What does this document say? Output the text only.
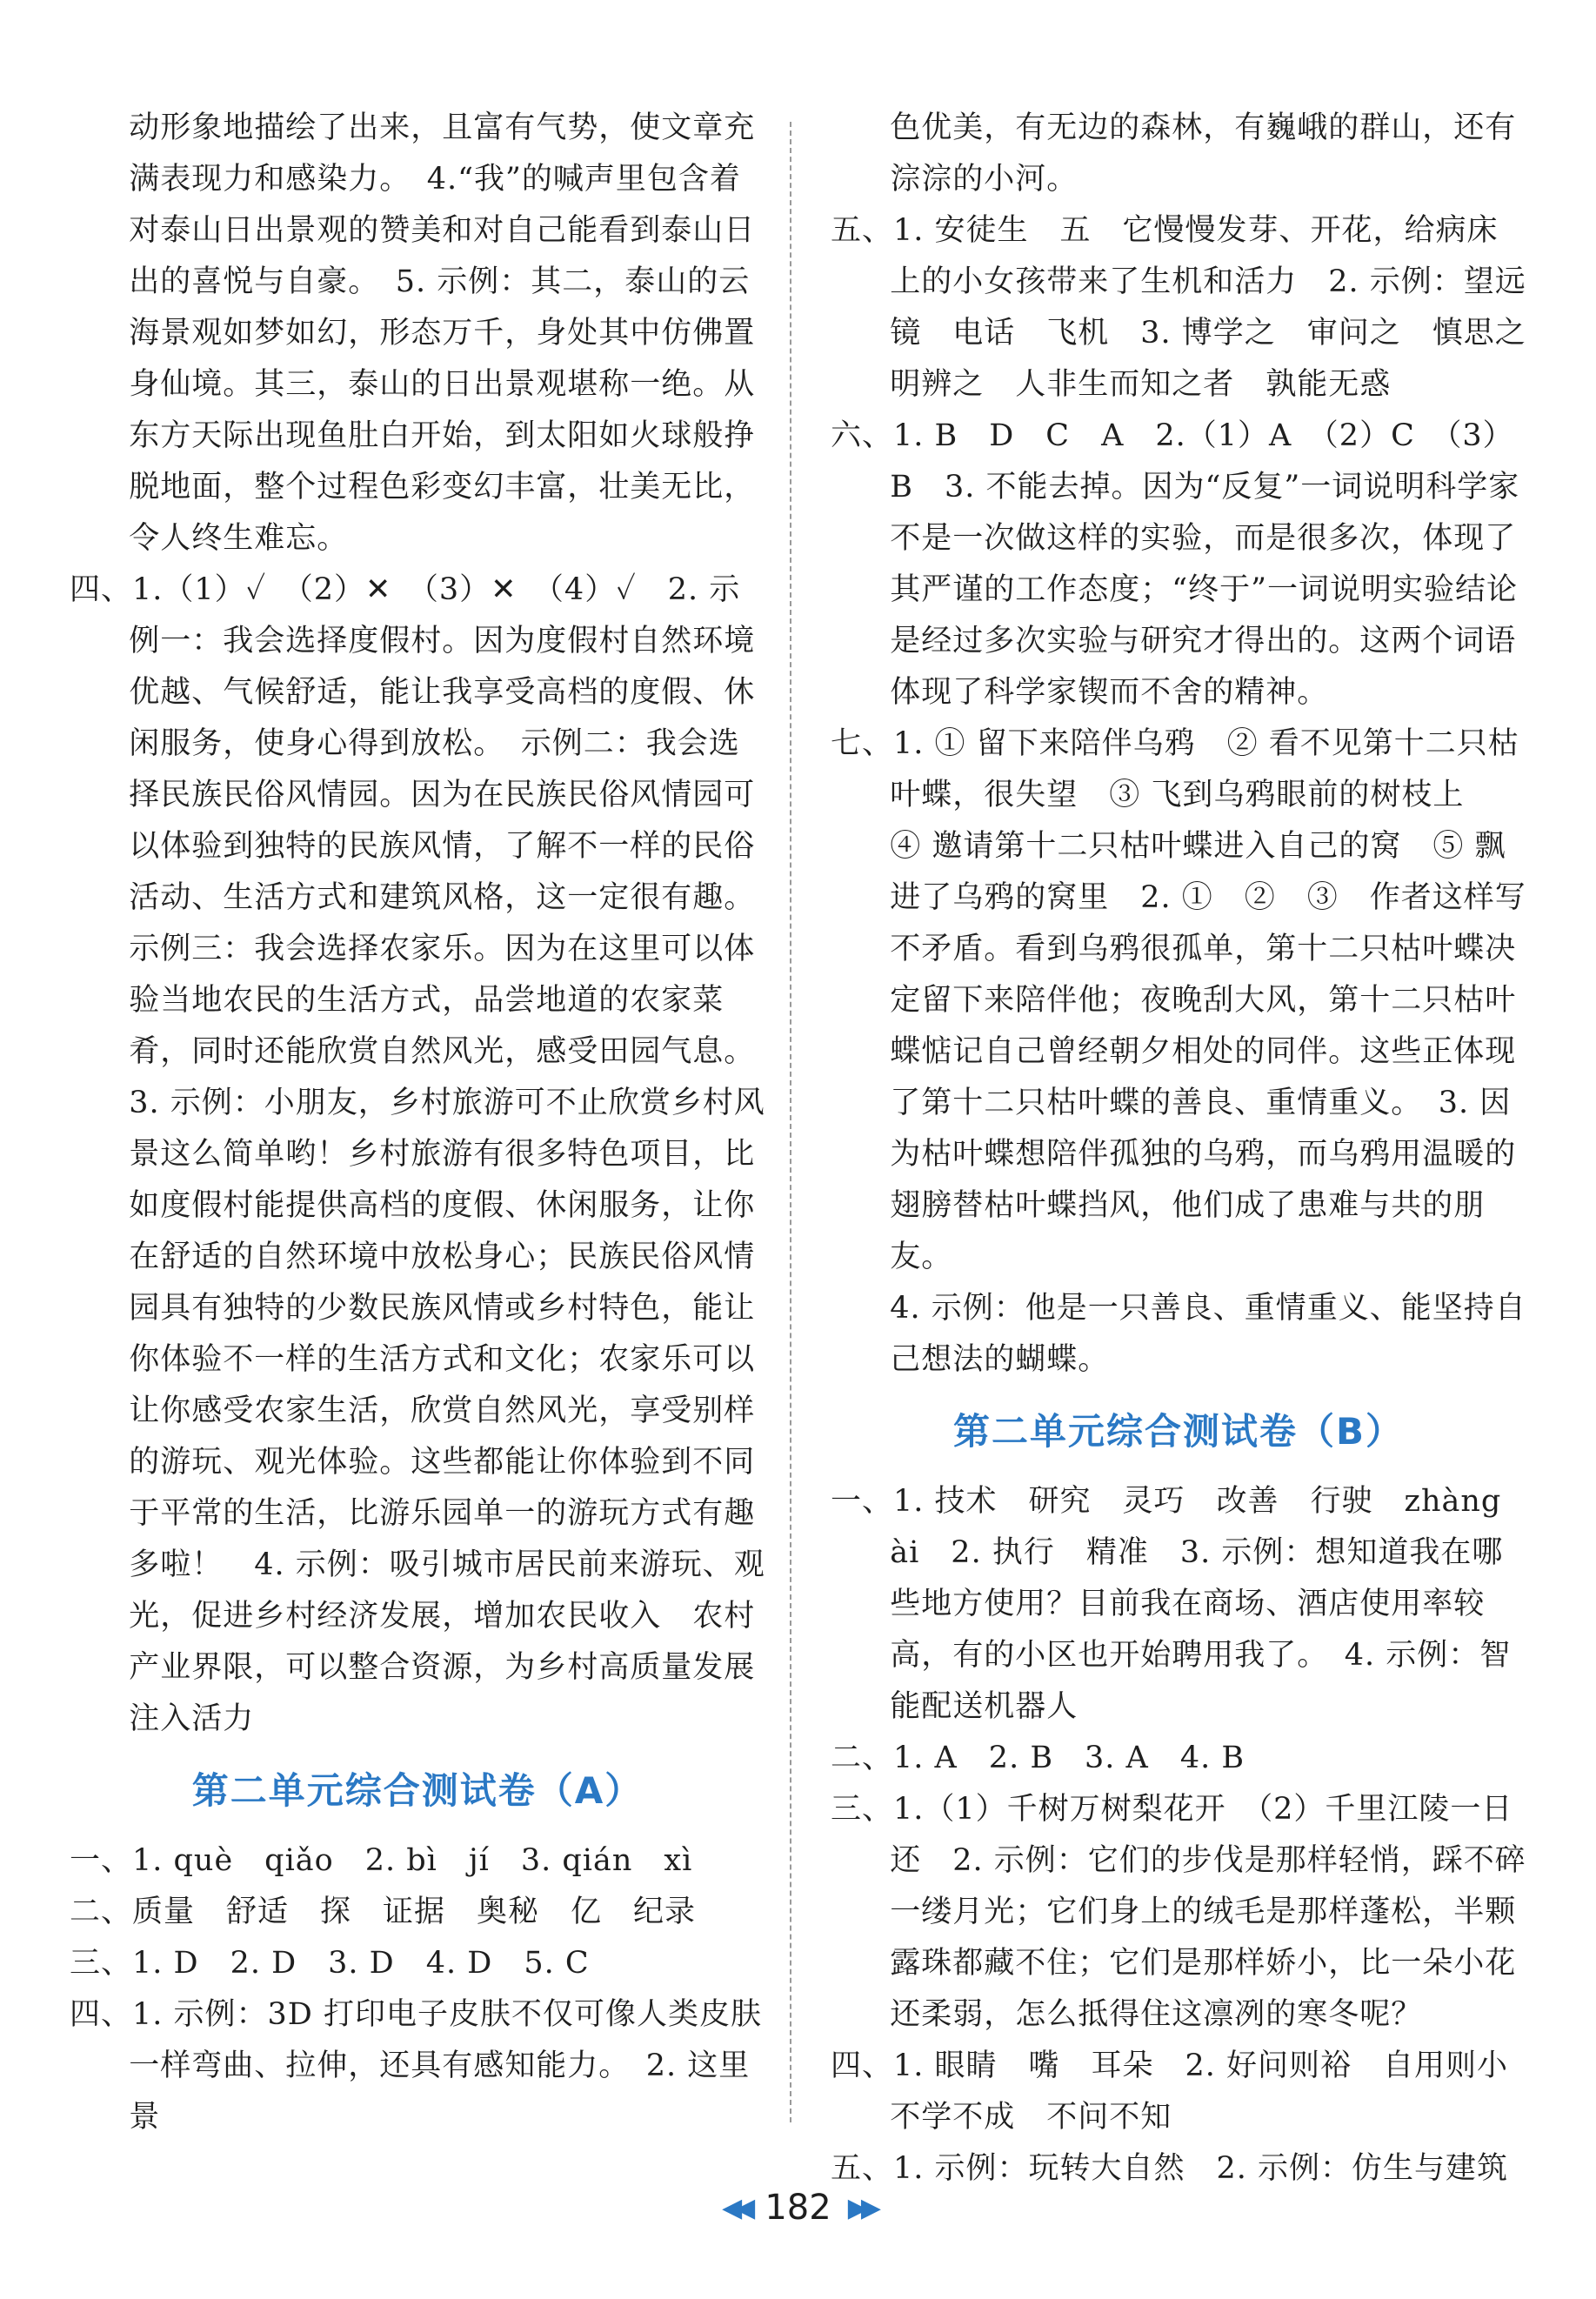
动形象地描绘了出来，且富有气势，使文章充满表现力和感染力。　4.“我”的喊声里包含着对泰山日出景观的赞美和对自己能看到泰山日出的喜悦与自豪。　5. 示例：其二，泰山的云海景观如梦如幻，形态万千，身处其中仿佛置身仙境。其三，泰山的日出景观堪称一绝。从东方天际出现鱼肚白开始，到太阳如火球般挣脱地面，整个过程色彩变幻丰富，壮美无比，令人终生难忘。

四、1.（1）✓　（2）✕　（3）✕　（4）✓　2. 示例一：我会选择度假村。因为度假村自然环境优越、气候舒适，能让我享受高档的度假、休闲服务，使身心得到放松。　示例二：我会选择民族民俗风情园。因为在民族民俗风情园可以体验到独特的民族风情，了解不一样的民俗活动、生活方式和建筑风格，这一定很有趣。

示例三：我会选择农家乐。因为在这里可以体验当地农民的生活方式，品尝地道的农家菜肴，同时还能欣赏自然风光，感受田园气息。

3. 示例：小朋友，乡村旅游可不止欣赏乡村风景这么简单哟！乡村旅游有很多特色项目，比如度假村能提供高档的度假、休闲服务，让你在舒适的自然环境中放松身心；民族民俗风情园具有独特的少数民族风情或乡村特色，能让你体验不一样的生活方式和文化；农家乐可以让你感受农家生活，欣赏自然风光，享受别样的游玩、观光体验。这些都能让你体验到不同于平常的生活，比游乐园单一的游玩方式有趣多啦！　4. 示例：吸引城市居民前来游玩、观光，促进乡村经济发展，增加农民收入　农村产业界限，可以整合资源，为乡村高质量发展注入活力

第二单元综合测试卷（A）

一、1. què　qiǎo　2. bì　jí　3. qián　xì

二、质量　舒适　探　证据　奥秘　亿　纪录

三、1. D　2. D　3. D　4. D　5. C

四、1. 示例：3D 打印电子皮肤不仅可像人类皮肤一样弯曲、拉伸，还具有感知能力。　2. 这里景

色优美，有无边的森林，有巍峨的群山，还有淙淙的小河。

五、1. 安徒生　五　它慢慢发芽、开花，给病床上的小女孩带来了生机和活力　2. 示例：望远镜　电话　飞机　3. 博学之　审问之　慎思之　明辨之　人非生而知之者　孰能无惑

六、1. B　D　C　A　2.（1）A　（2）C　（3）B　3. 不能去掉。因为“反复”一词说明科学家不是一次做这样的实验，而是很多次，体现了其严谨的工作态度；“终于”一词说明实验结论是经过多次实验与研究才得出的。这两个词语体现了科学家锲而不舍的精神。

七、1. ① 留下来陪伴乌鸦　② 看不见第十二只枯叶蝶，很失望　③ 飞到乌鸦眼前的树枝上　④ 邀请第十二只枯叶蝶进入自己的窝　⑤ 飘进了乌鸦的窝里　2. ①　②　③　作者这样写不矛盾。看到乌鸦很孤单，第十二只枯叶蝶决定留下来陪伴他；夜晚刮大风，第十二只枯叶蝶惦记自己曾经朝夕相处的同伴。这些正体现了第十二只枯叶蝶的善良、重情重义。　3. 因为枯叶蝶想陪伴孤独的乌鸦，而乌鸦用温暖的翅膀替枯叶蝶挡风，他们成了患难与共的朋友。

4. 示例：他是一只善良、重情重义、能坚持自己想法的蝴蝶。

第二单元综合测试卷（B）

一、1. 技术　研究　灵巧　改善　行驶　zhàng ài　2. 执行　精准　3. 示例：想知道我在哪些地方使用？目前我在商场、酒店使用率较高，有的小区也开始聘用我了。　4. 示例：智能配送机器人

二、1. A　2. B　3. A　4. B

三、1.（1）千树万树梨花开　（2）千里江陵一日还　2. 示例：它们的步伐是那样轻悄，踩不碎一缕月光；它们身上的绒毛是那样蓬松，半颗露珠都藏不住；它们是那样娇小，比一朵小花还柔弱，怎么抵得住这凛冽的寒冬呢？

四、1. 眼睛　嘴　耳朵　2. 好问则裕　自用则小　不学不成　不问不知

五、1. 示例：玩转大自然　2. 示例：仿生与建筑

◀◀ 182 ▶▶
